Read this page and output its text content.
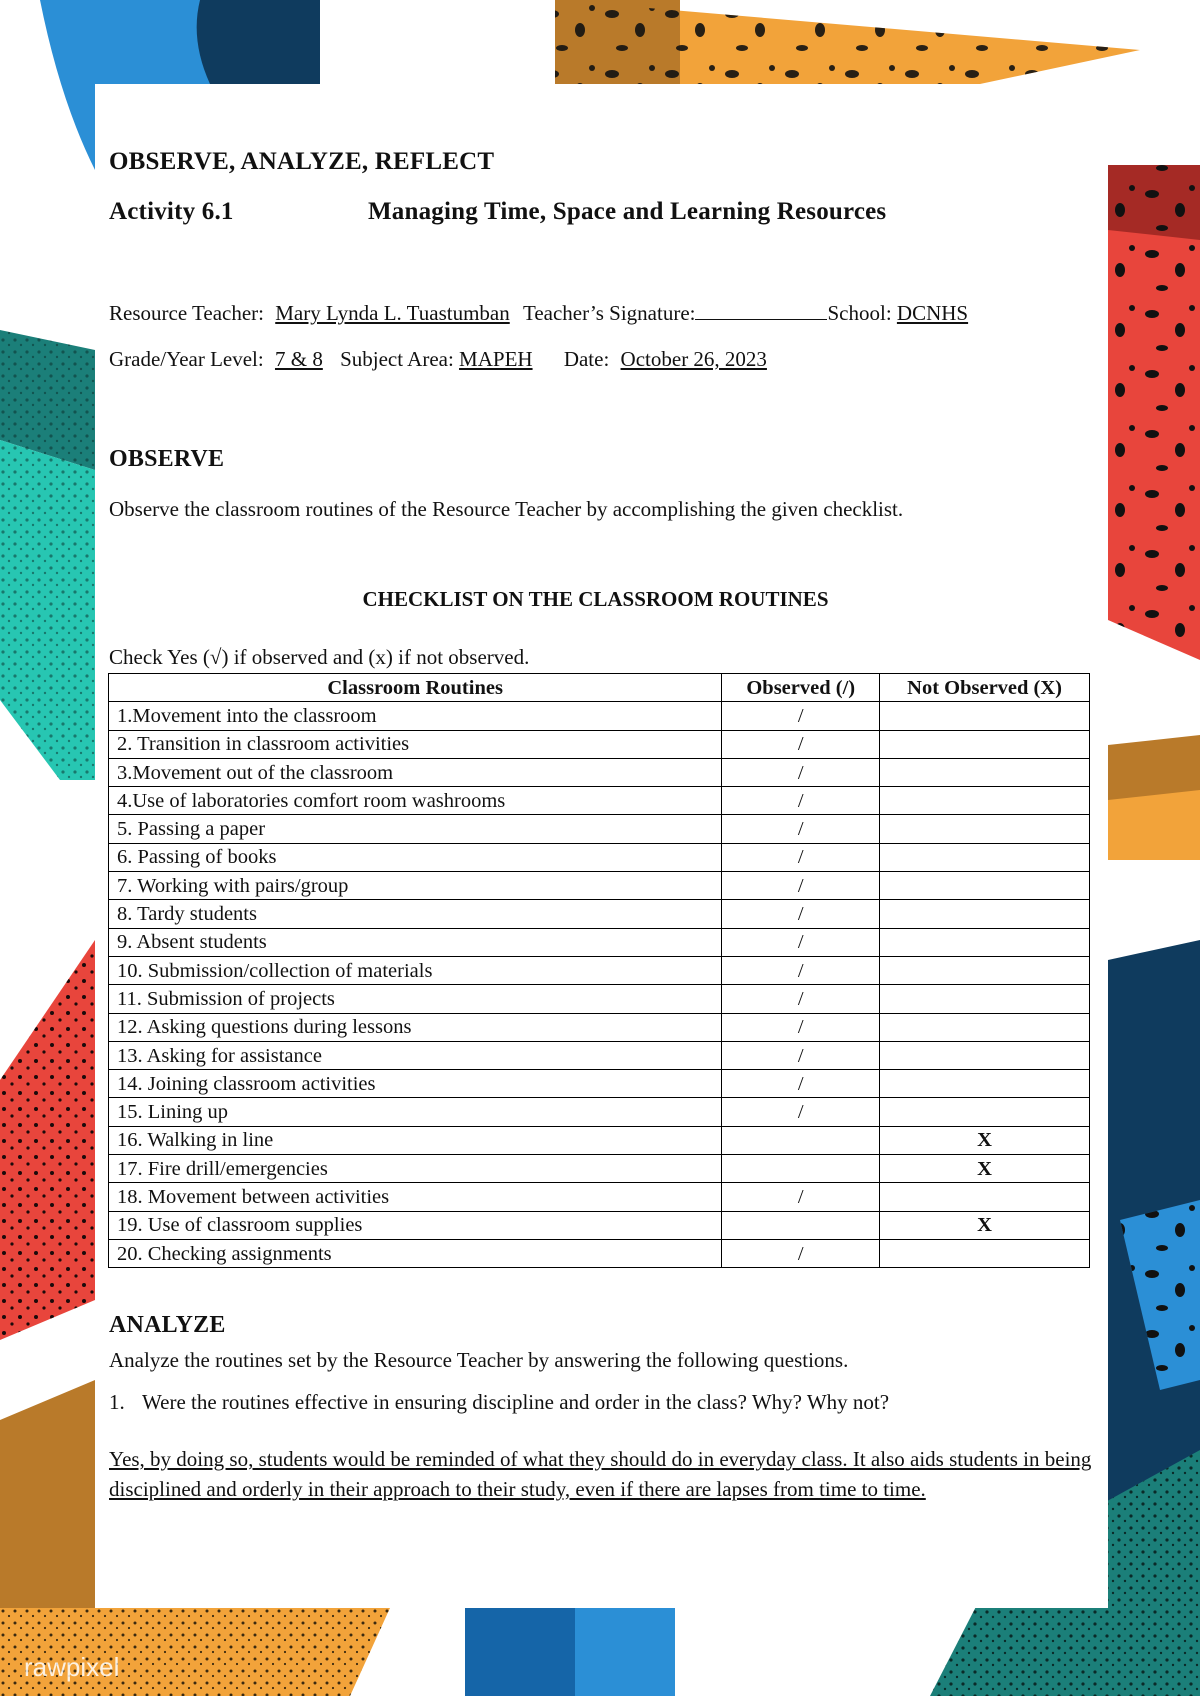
OBSERVE, ANALYZE, REFLECT
Activity 6.1	Managing Time, Space and Learning Resources
Resource Teacher: Mary Lynda L. Tuastumban Teacher’s Signature:	School: DCNHS
Grade/Year Level: 7 & 8 Subject Area: MAPEH Date: October 26, 2023
OBSERVE
Observe the classroom routines of the Resource Teacher by accomplishing the given checklist.
CHECKLIST ON THE CLASSROOM ROUTINES
Check Yes (√) if observed and (x) if not observed.
Classroom Routines	Observed (/)	Not Observed (X)
1.Movement into the classroom	/	
2. Transition in classroom activities	/	
3.Movement out of the classroom	/	
4.Use of laboratories comfort room washrooms	/	
5. Passing a paper	/	
6. Passing of books	/	
7. Working with pairs/group	/	
8. Tardy students	/	
9. Absent students	/	
10. Submission/collection of materials	/	
11. Submission of projects	/	
12. Asking questions during lessons	/	
13. Asking for assistance	/	
14. Joining classroom activities	/	
15. Lining up	/	
16. Walking in line		X
17. Fire drill/emergencies		X
18. Movement between activities	/	
19. Use of classroom supplies		X
20. Checking assignments	/	
ANALYZE
Analyze the routines set by the Resource Teacher by answering the following questions.
1. Were the routines effective in ensuring discipline and order in the class? Why? Why not?
Yes, by doing so, students would be reminded of what they should do in everyday class. It also aids students in being disciplined and orderly in their approach to their study, even if there are lapses from time to time.
rawpixel
